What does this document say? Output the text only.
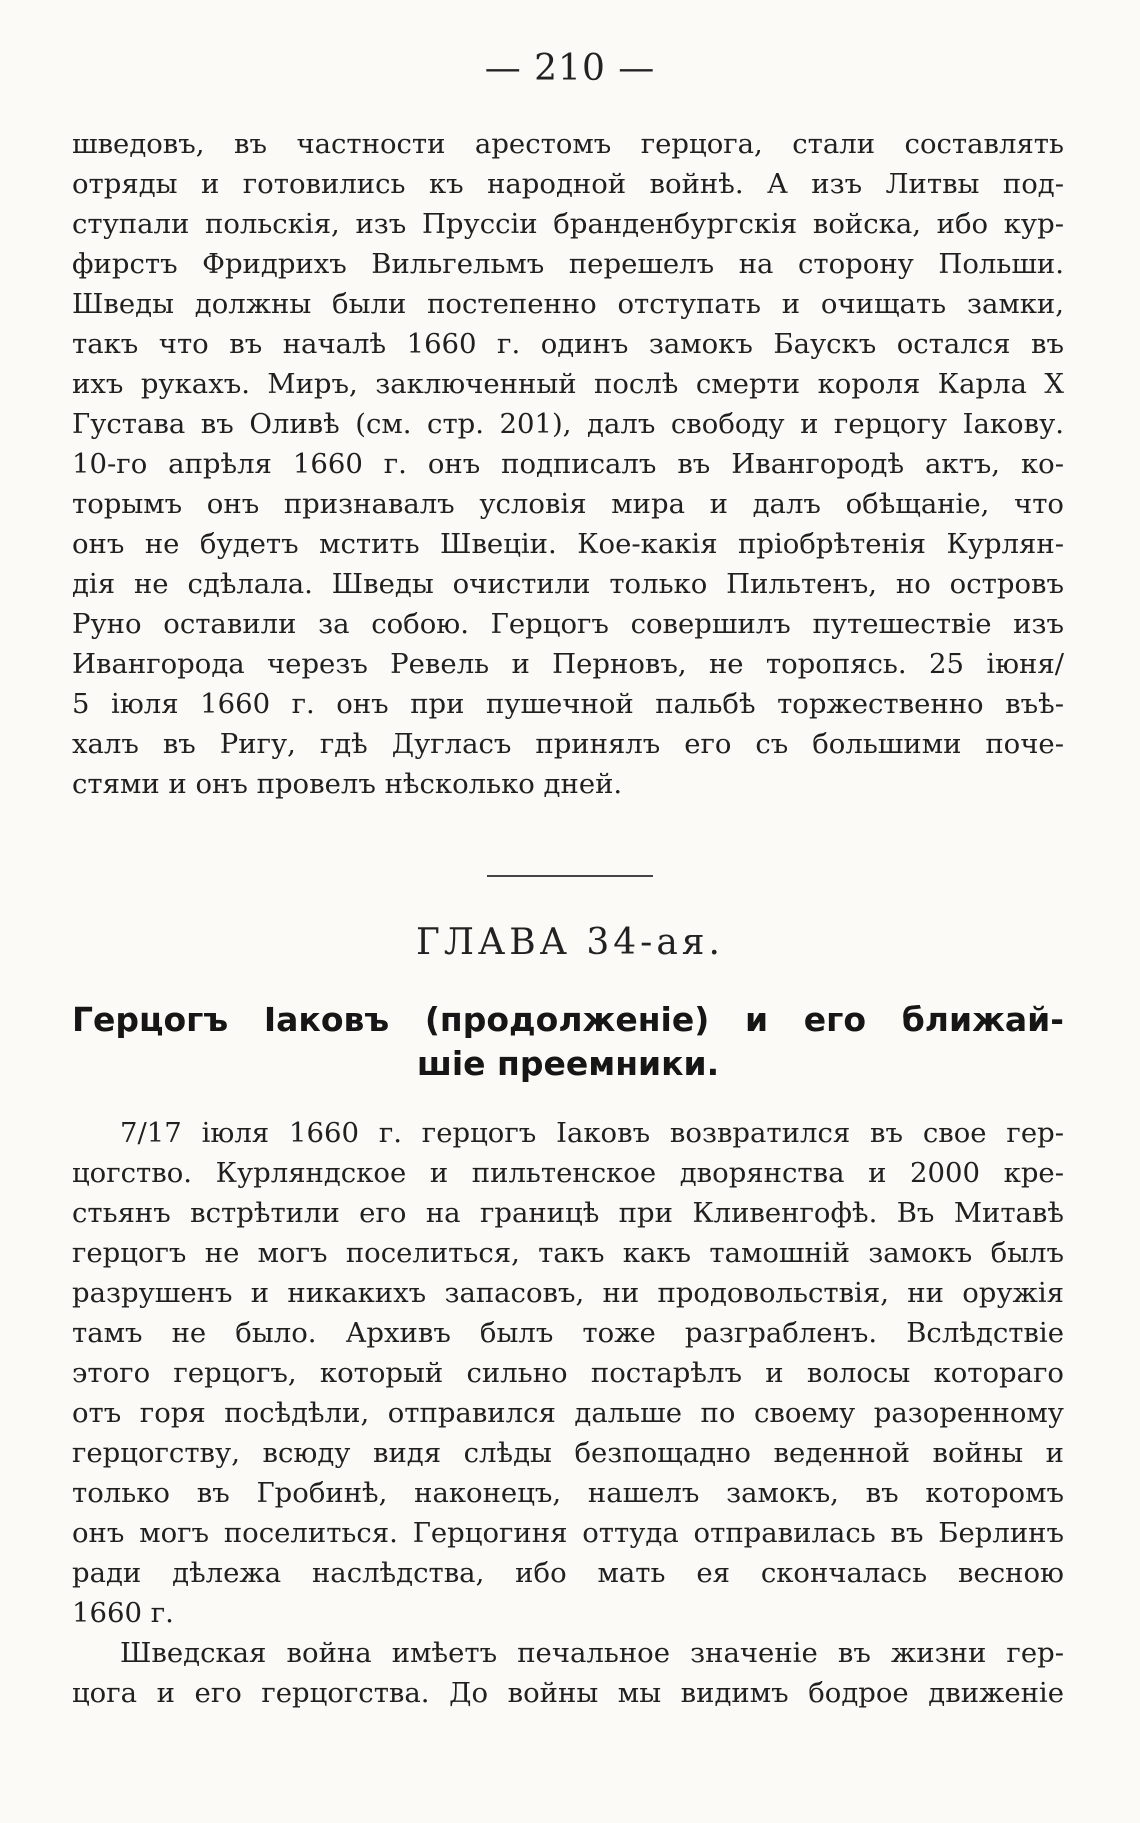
— 210 —
шведовъ, въ частности арестомъ герцога, стали составлять
отряды и готовились къ народной войнѣ. А изъ Литвы под-
ступали польскія, изъ Пруссіи бранденбургскія войска, ибо кур-
фирстъ Фридрихъ Вильгельмъ перешелъ на сторону Польши.
Шведы должны были постепенно отступать и очищать замки,
такъ что въ началѣ 1660 г. одинъ замокъ Баускъ остался въ
ихъ рукахъ. Миръ, заключенный послѣ смерти короля Карла X
Густава въ Оливѣ (см. стр. 201), далъ свободу и герцогу Іакову.
10-го апрѣля 1660 г. онъ подписалъ въ Ивангородѣ актъ, ко-
торымъ онъ признавалъ условія мира и далъ обѣщаніе, что
онъ не будетъ мстить Швеціи. Кое-какія пріобрѣтенія Курлян-
дія не сдѣлала. Шведы очистили только Пильтенъ, но островъ
Руно оставили за собою. Герцогъ совершилъ путешествіе изъ
Ивангорода черезъ Ревель и Перновъ, не торопясь. 25 іюня/
5 іюля 1660 г. онъ при пушечной пальбѣ торжественно въѣ-
халъ въ Ригу, гдѣ Дугласъ принялъ его съ большими поче-
стями и онъ провелъ нѣсколько дней.
ГЛАВА 34-ая.
Герцогъ Іаковъ (продолженіе) и его ближай-
шіе преемники.
7/17 іюля 1660 г. герцогъ Іаковъ возвратился въ свое гер-
цогство. Курляндское и пильтенское дворянства и 2000 кре-
стьянъ встрѣтили его на границѣ при Кливенгофѣ. Въ Митавѣ
герцогъ не могъ поселиться, такъ какъ тамошній замокъ былъ
разрушенъ и никакихъ запасовъ, ни продовольствія, ни оружія
тамъ не было. Архивъ былъ тоже разграбленъ. Вслѣдствіе
этого герцогъ, который сильно постарѣлъ и волосы котораго
отъ горя посѣдѣли, отправился дальше по своему разоренному
герцогству, всюду видя слѣды безпощадно веденной войны и
только въ Гробинѣ, наконецъ, нашелъ замокъ, въ которомъ
онъ могъ поселиться. Герцогиня оттуда отправилась въ Берлинъ
ради дѣлежа наслѣдства, ибо мать ея скончалась весною
1660 г.
Шведская война имѣетъ печальное значеніе въ жизни гер-
цога и его герцогства. До войны мы видимъ бодрое движеніе
